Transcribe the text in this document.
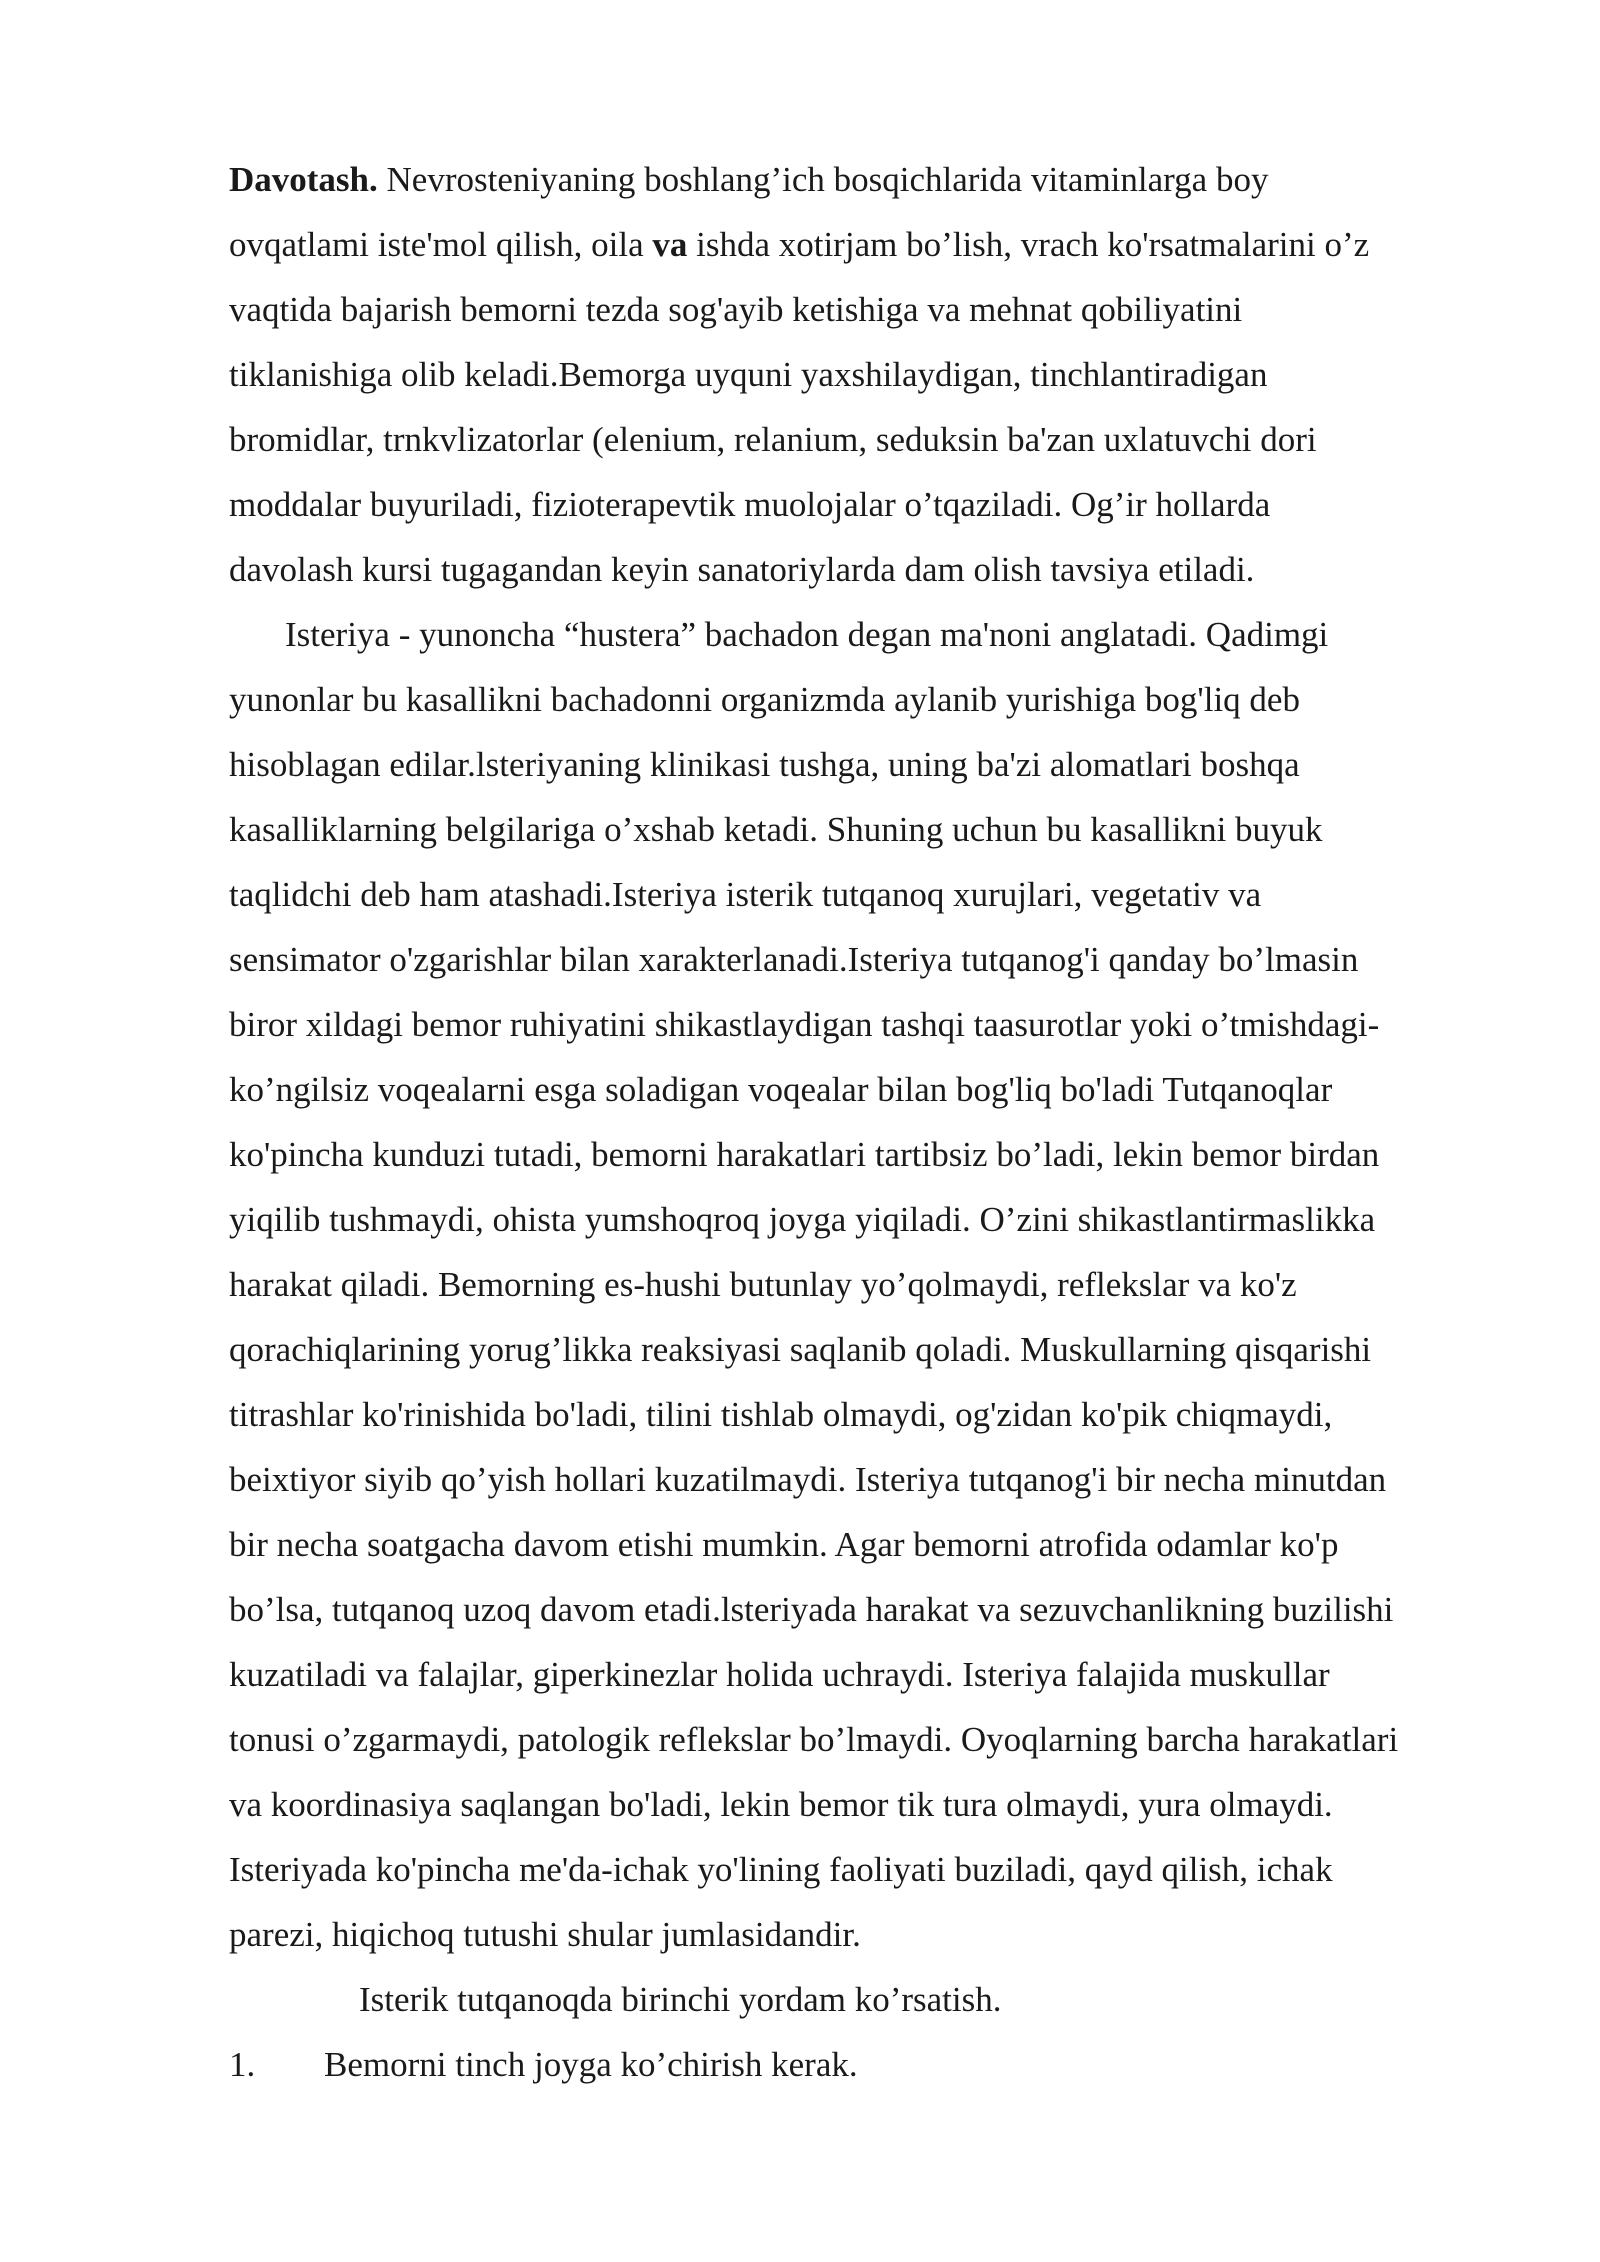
Davotash. Nevrosteniyaning boshlang’ich bosqichlarida vitaminlarga boy
ovqatlami iste'mol qilish, oila va ishda xotirjam bo’lish, vrach ko'rsatmalarini o’z
vaqtida bajarish bemorni tezda sog'ayib ketishiga va mehnat qobiliyatini
tiklanishiga olib keladi.Bemorga uyquni yaxshilaydigan, tinchlantiradigan
bromidlar, trnkvlizatorlar (elenium, relanium, seduksin ba'zan uxlatuvchi dori
moddalar buyuriladi, fizioterapevtik muolojalar o’tqaziladi. Og’ir hollarda
davolash kursi tugagandan keyin sanatoriylarda dam olish tavsiya etiladi.
Isteriya - yunoncha “hustera” bachadon degan ma'noni anglatadi. Qadimgi
yunonlar bu kasallikni bachadonni organizmda aylanib yurishiga bog'liq deb
hisoblagan edilar.lsteriyaning klinikasi tushga, uning ba'zi alomatlari boshqa
kasalliklarning belgilariga o’xshab ketadi. Shuning uchun bu kasallikni buyuk
taqlidchi deb ham atashadi.Isteriya isterik tutqanoq xurujlari, vegetativ va
sensimator o'zgarishlar bilan xarakterlanadi.Isteriya tutqanog'i qanday bo’lmasin
biror xildagi bemor ruhiyatini shikastlaydigan tashqi taasurotlar yoki o’tmishdagi-
ko’ngilsiz voqealarni esga soladigan voqealar bilan bog'liq bo'ladi Tutqanoqlar
ko'pincha kunduzi tutadi, bemorni harakatlari tartibsiz bo’ladi, lekin bemor birdan
yiqilib tushmaydi, ohista yumshoqroq joyga yiqiladi. O’zini shikastlantirmaslikka
harakat qiladi. Bemorning es-hushi butunlay yo’qolmaydi, reflekslar va ko'z
qorachiqlarining yorug’likka reaksiyasi saqlanib qoladi. Muskullarning qisqarishi
titrashlar ko'rinishida bo'ladi, tilini tishlab olmaydi, og'zidan ko'pik chiqmaydi,
beixtiyor siyib qo’yish hollari kuzatilmaydi. Isteriya tutqanog'i bir necha minutdan
bir necha soatgacha davom etishi mumkin. Agar bemorni atrofida odamlar ko'p
bo’lsa, tutqanoq uzoq davom etadi.lsteriyada harakat va sezuvchanlikning buzilishi
kuzatiladi va falajlar, giperkinezlar holida uchraydi. Isteriya falajida muskullar
tonusi o’zgarmaydi, patologik reflekslar bo’lmaydi. Oyoqlarning barcha harakatlari
va koordinasiya saqlangan bo'ladi, lekin bemor tik tura olmaydi, yura olmaydi.
Isteriyada ko'pincha me'da-ichak yo'lining faoliyati buziladi, qayd qilish, ichak
parezi, hiqichoq tutushi shular jumlasidandir.
Isterik tutqanoqda birinchi yordam ko’rsatish.
1. Bemorni tinch joyga ko’chirish kerak.
